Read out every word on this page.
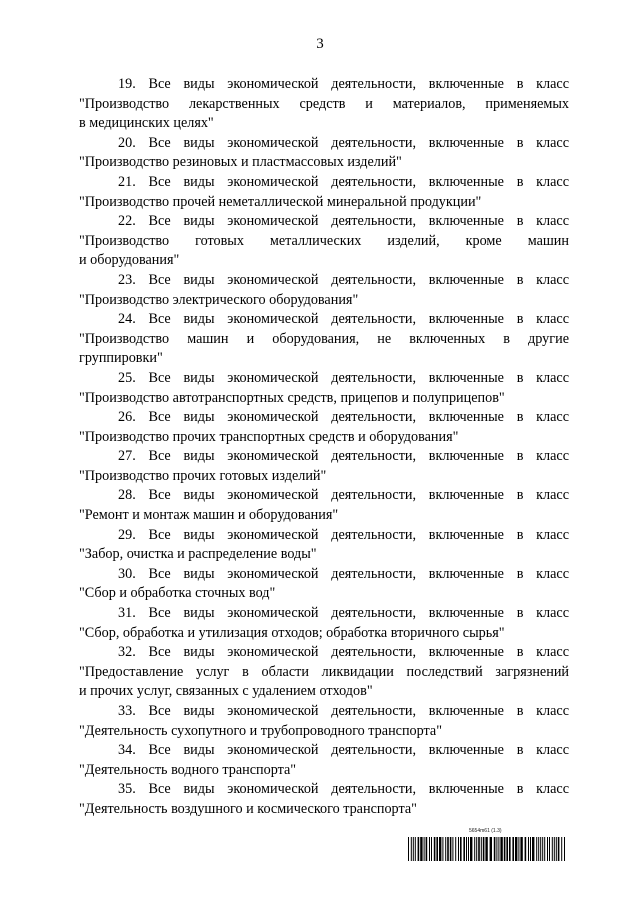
3
19. Все виды экономической деятельности, включенные в класс
"Производство лекарственных средств и материалов, применяемых
в медицинских целях"
20. Все виды экономической деятельности, включенные в класс
"Производство резиновых и пластмассовых изделий"
21. Все виды экономической деятельности, включенные в класс
"Производство прочей неметаллической минеральной продукции"
22. Все виды экономической деятельности, включенные в класс
"Производство готовых металлических изделий, кроме машин
и оборудования"
23. Все виды экономической деятельности, включенные в класс
"Производство электрического оборудования"
24. Все виды экономической деятельности, включенные в класс
"Производство машин и оборудования, не включенных в другие
группировки"
25. Все виды экономической деятельности, включенные в класс
"Производство автотранспортных средств, прицепов и полуприцепов"
26. Все виды экономической деятельности, включенные в класс
"Производство прочих транспортных средств и оборудования"
27. Все виды экономической деятельности, включенные в класс
"Производство прочих готовых изделий"
28. Все виды экономической деятельности, включенные в класс
"Ремонт и монтаж машин и оборудования"
29. Все виды экономической деятельности, включенные в класс
"Забор, очистка и распределение воды"
30. Все виды экономической деятельности, включенные в класс
"Сбор и обработка сточных вод"
31. Все виды экономической деятельности, включенные в класс
"Сбор, обработка и утилизация отходов; обработка вторичного сырья"
32. Все виды экономической деятельности, включенные в класс
"Предоставление услуг в области ликвидации последствий загрязнений
и прочих услуг, связанных с удалением отходов"
33. Все виды экономической деятельности, включенные в класс
"Деятельность сухопутного и трубопроводного транспорта"
34. Все виды экономической деятельности, включенные в класс
"Деятельность водного транспорта"
35. Все виды экономической деятельности, включенные в класс
"Деятельность воздушного и космического транспорта"
5654m61 (1.3)
